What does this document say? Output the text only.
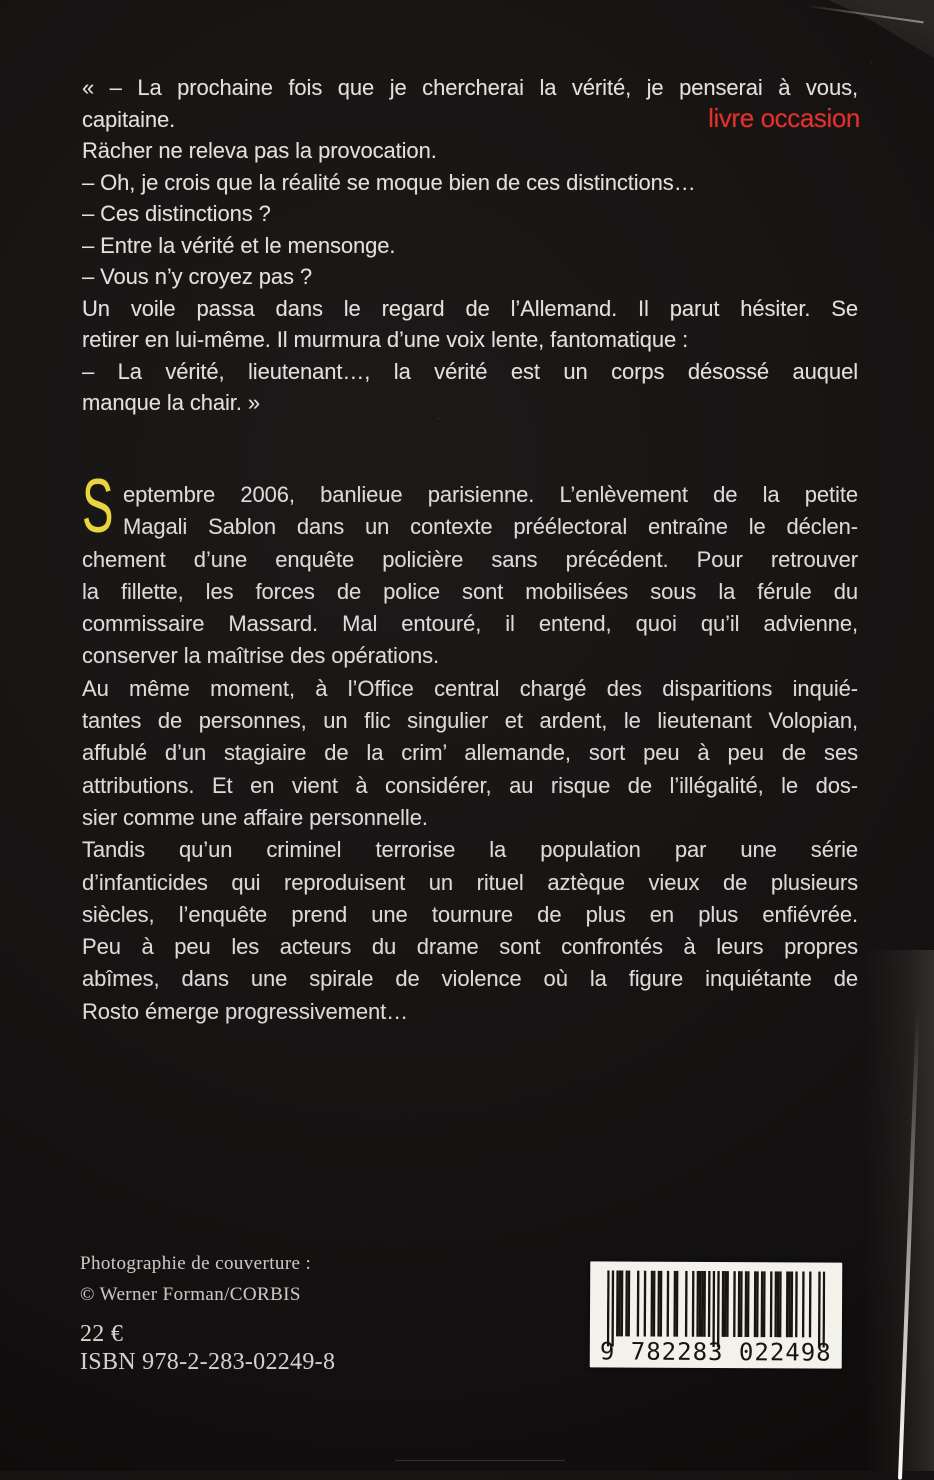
« – La prochaine fois que je chercherai la vérité, je penserai à vous,
capitaine.
Rächer ne releva pas la provocation.
– Oh, je crois que la réalité se moque bien de ces distinctions…
– Ces distinctions ?
– Entre la vérité et le mensonge.
– Vous n’y croyez pas ?
Un voile passa dans le regard de l’Allemand. Il parut hésiter. Se
retirer en lui-même. Il murmura d’une voix lente, fantomatique :
– La vérité, lieutenant…, la vérité est un corps désossé auquel
manque la chair. »
livre occasion
S eptembre 2006, banlieue parisienne. L’enlèvement de la petite
Magali Sablon dans un contexte préélectoral entraîne le déclen-
chement d’une enquête policière sans précédent. Pour retrouver
la fillette, les forces de police sont mobilisées sous la férule du
commissaire Massard. Mal entouré, il entend, quoi qu’il advienne,
conserver la maîtrise des opérations.
Au même moment, à l’Office central chargé des disparitions inquié-
tantes de personnes, un flic singulier et ardent, le lieutenant Volopian,
affublé d’un stagiaire de la crim’ allemande, sort peu à peu de ses
attributions. Et en vient à considérer, au risque de l’illégalité, le dos-
sier comme une affaire personnelle.
Tandis qu’un criminel terrorise la population par une série
d’infanticides qui reproduisent un rituel aztèque vieux de plusieurs
siècles, l’enquête prend une tournure de plus en plus enfiévrée.
Peu à peu les acteurs du drame sont confrontés à leurs propres
abîmes, dans une spirale de violence où la figure inquiétante de
Rosto émerge progressivement…
Photographie de couverture :
© Werner Forman/CORBIS
22 €
ISBN 978-2-283-02249-8	9 782283 022498
